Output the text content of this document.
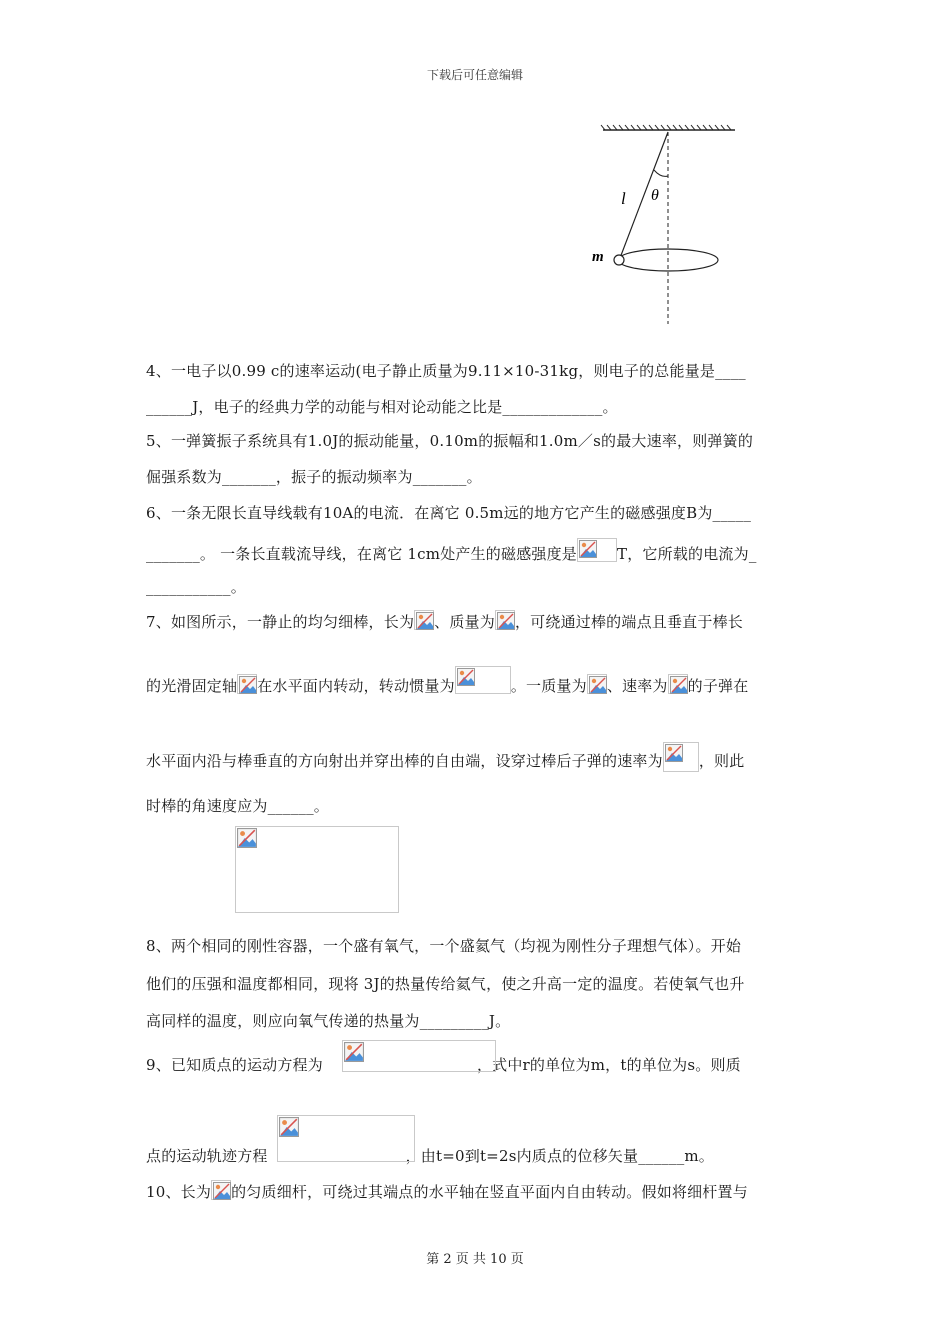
下载后可任意编辑
l θ
m
4、一电子以0.99 c的速率运动(电子静止质量为9.11×10-31kg，则电子的总能量是____
______J，电子的经典力学的动能与相对论动能之比是_____________。
5、一弹簧振子系统具有1.0J的振动能量，0.10m的振幅和1.0m／s的最大速率，则弹簧的
倔强系数为_______，振子的振动频率为_______。
6、一条无限长直导线载有10A的电流．在离它 0.5m远的地方它产生的磁感强度B为_____
_______。 一条长直载流导线，在离它 1cm处产生的磁感强度是	T，它所载的电流为_
___________。
7、如图所示，一静止的均匀细棒，长为 、质量为 ，可绕通过棒的端点且垂直于棒长
的光滑固定轴 在水平面内转动，转动惯量为	。一质量为 、速率为 的子弹在
水平面内沿与棒垂直的方向射出并穿出棒的自由端，设穿过棒后子弹的速率为 ，则此
时棒的角速度应为______。
8、两个相同的刚性容器，一个盛有氧气，一个盛氦气（均视为刚性分子理想气体）。开始
他们的压强和温度都相同，现将 3J的热量传给氦气，使之升高一定的温度。若使氧气也升
高同样的温度，则应向氧气传递的热量为_________J。
9、已知质点的运动方程为	，式中r的单位为m，t的单位为s。则质
点的运动轨迹方程	，由t=0到t=2s内质点的位移矢量______m。
10、长为 的匀质细杆，可绕过其端点的水平轴在竖直平面内自由转动。假如将细杆置与
第 2 页 共 10 页
